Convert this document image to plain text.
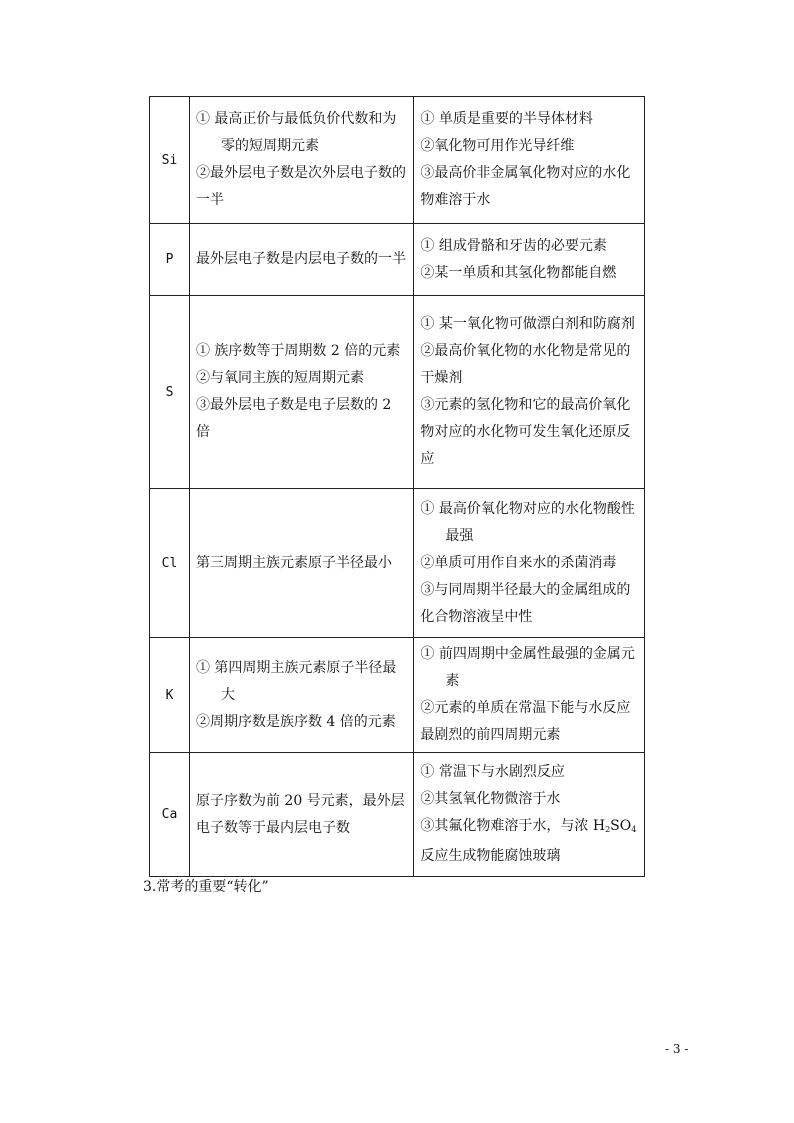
Si	① 最高正价与最低负价代数和为零的短周期元素
②最外层电子数是次外层电子数的一半	① 单质是重要的半导体材料
②氧化物可用作光导纤维
③最高价非金属氧化物对应的水化物难溶于水

P	最外层电子数是内层电子数的一半	① 组成骨骼和牙齿的必要元素
②某一单质和其氢化物都能自燃

S	① 族序数等于周期数 2 倍的元素
②与氧同主族的短周期元素
③最外层电子数是电子层数的 2 倍	① 某一氧化物可做漂白剂和防腐剂
②最高价氧化物的水化物是常见的干燥剂
③元素的氢化物和它的最高价氧化物对应的水化物可发生氧化还原反应

Cl	第三周期主族元素原子半径最小	① 最高价氧化物对应的水化物酸性最强
②单质可用作自来水的杀菌消毒
③与同周期半径最大的金属组成的化合物溶液呈中性

K	① 第四周期主族元素原子半径最大
②周期序数是族序数 4 倍的元素	① 前四周期中金属性最强的金属元素
②元素的单质在常温下能与水反应最剧烈的前四周期元素

Ca	原子序数为前 20 号元素，最外层电子数等于最内层电子数	① 常温下与水剧烈反应
②其氢氧化物微溶于水
③其氟化物难溶于水，与浓 $H_2SO_4$反应生成物能腐蚀玻璃
3.常考的重要“转化”
- 3 -
